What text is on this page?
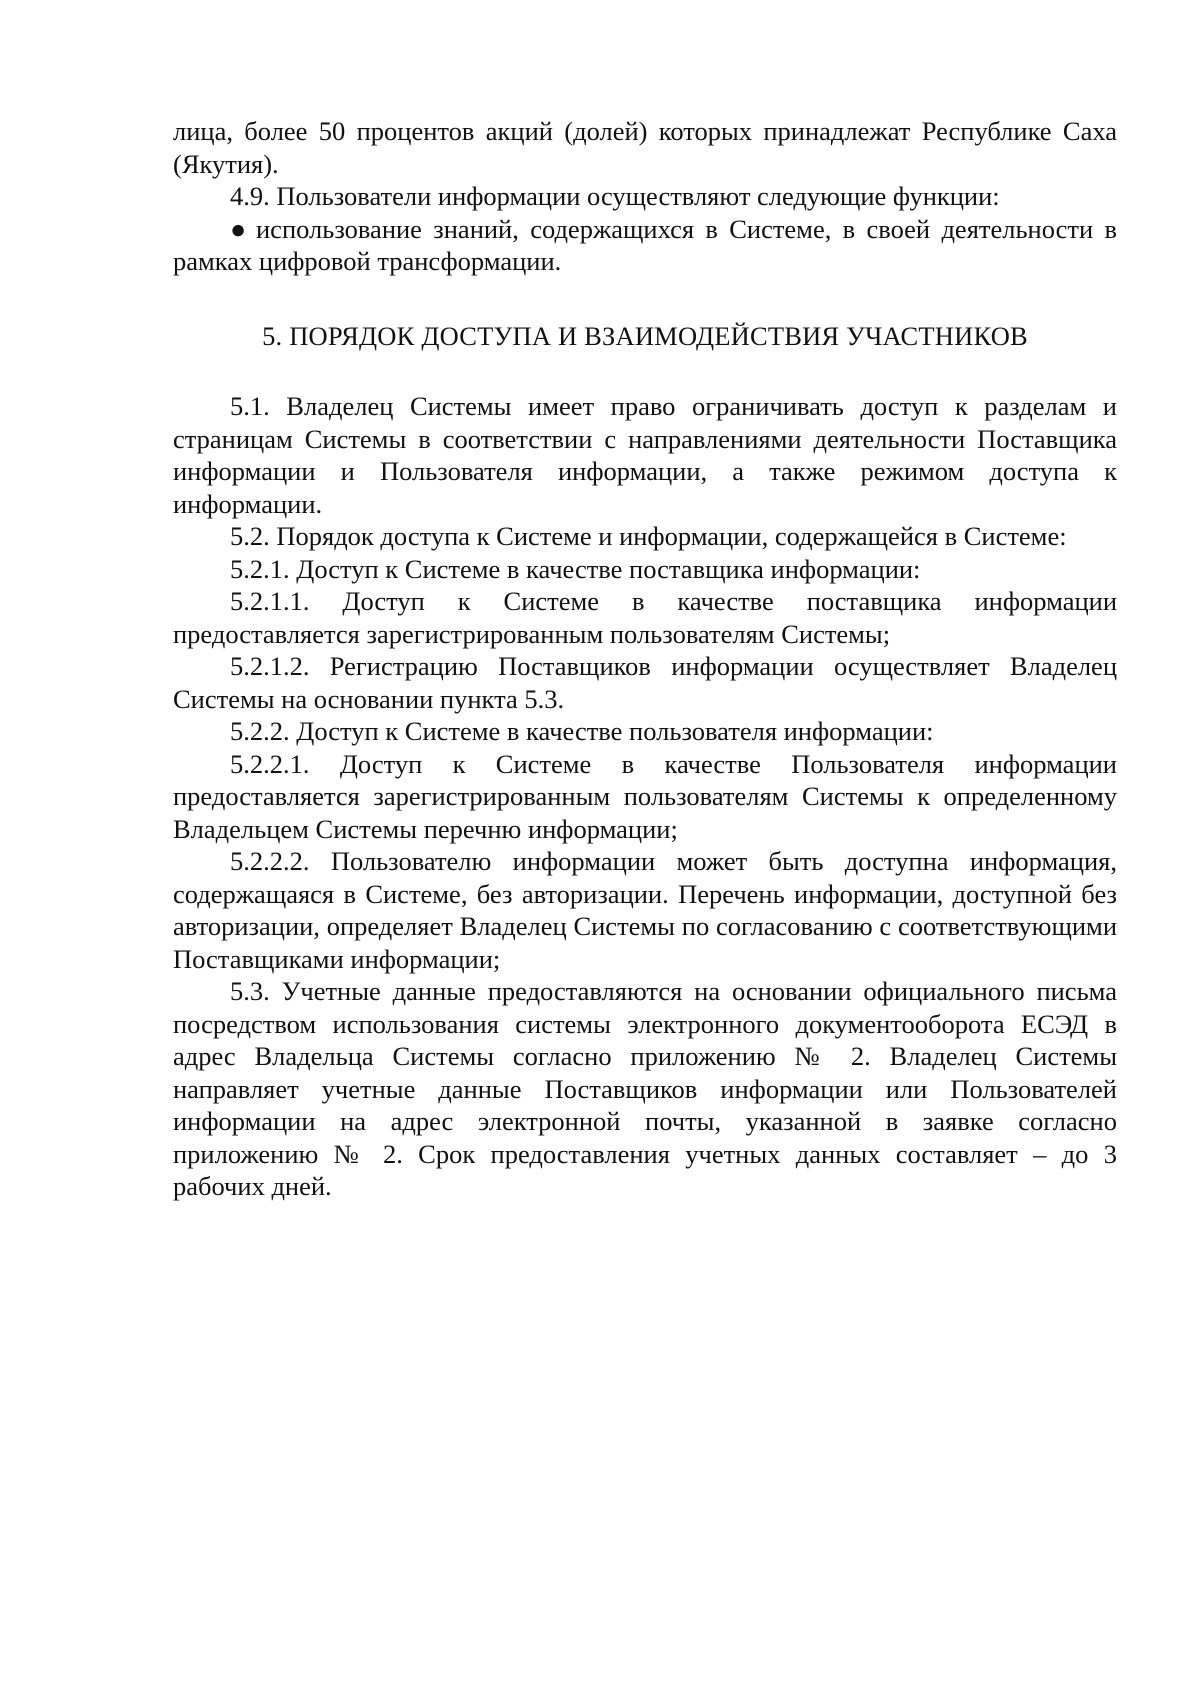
лица, более 50 процентов акций (долей) которых принадлежат Республике Саха (Якутия).

4.9. Пользователи информации осуществляют следующие функции:

● использование знаний, содержащихся в Системе, в своей деятельности в рамках цифровой трансформации.

5. ПОРЯДОК ДОСТУПА И ВЗАИМОДЕЙСТВИЯ УЧАСТНИКОВ

5.1. Владелец Системы имеет право ограничивать доступ к разделам и страницам Системы в соответствии с направлениями деятельности Поставщика информации и Пользователя информации, а также режимом доступа к информации.

5.2. Порядок доступа к Системе и информации, содержащейся в Системе:

5.2.1. Доступ к Системе в качестве поставщика информации:

5.2.1.1. Доступ к Системе в качестве поставщика информации предоставляется зарегистрированным пользователям Системы;

5.2.1.2. Регистрацию Поставщиков информации осуществляет Владелец Системы на основании пункта 5.3.

5.2.2. Доступ к Системе в качестве пользователя информации:

5.2.2.1. Доступ к Системе в качестве Пользователя информации предоставляется зарегистрированным пользователям Системы к определенному Владельцем Системы перечню информации;

5.2.2.2. Пользователю информации может быть доступна информация, содержащаяся в Системе, без авторизации. Перечень информации, доступной без авторизации, определяет Владелец Системы по согласованию с соответствующими Поставщиками информации;

5.3. Учетные данные предоставляются на основании официального письма посредством использования системы электронного документооборота ЕСЭД в адрес Владельца Системы согласно приложению № 2. Владелец Системы направляет учетные данные Поставщиков информации или Пользователей информации на адрес электронной почты, указанной в заявке согласно приложению № 2. Срок предоставления учетных данных составляет – до 3 рабочих дней.
